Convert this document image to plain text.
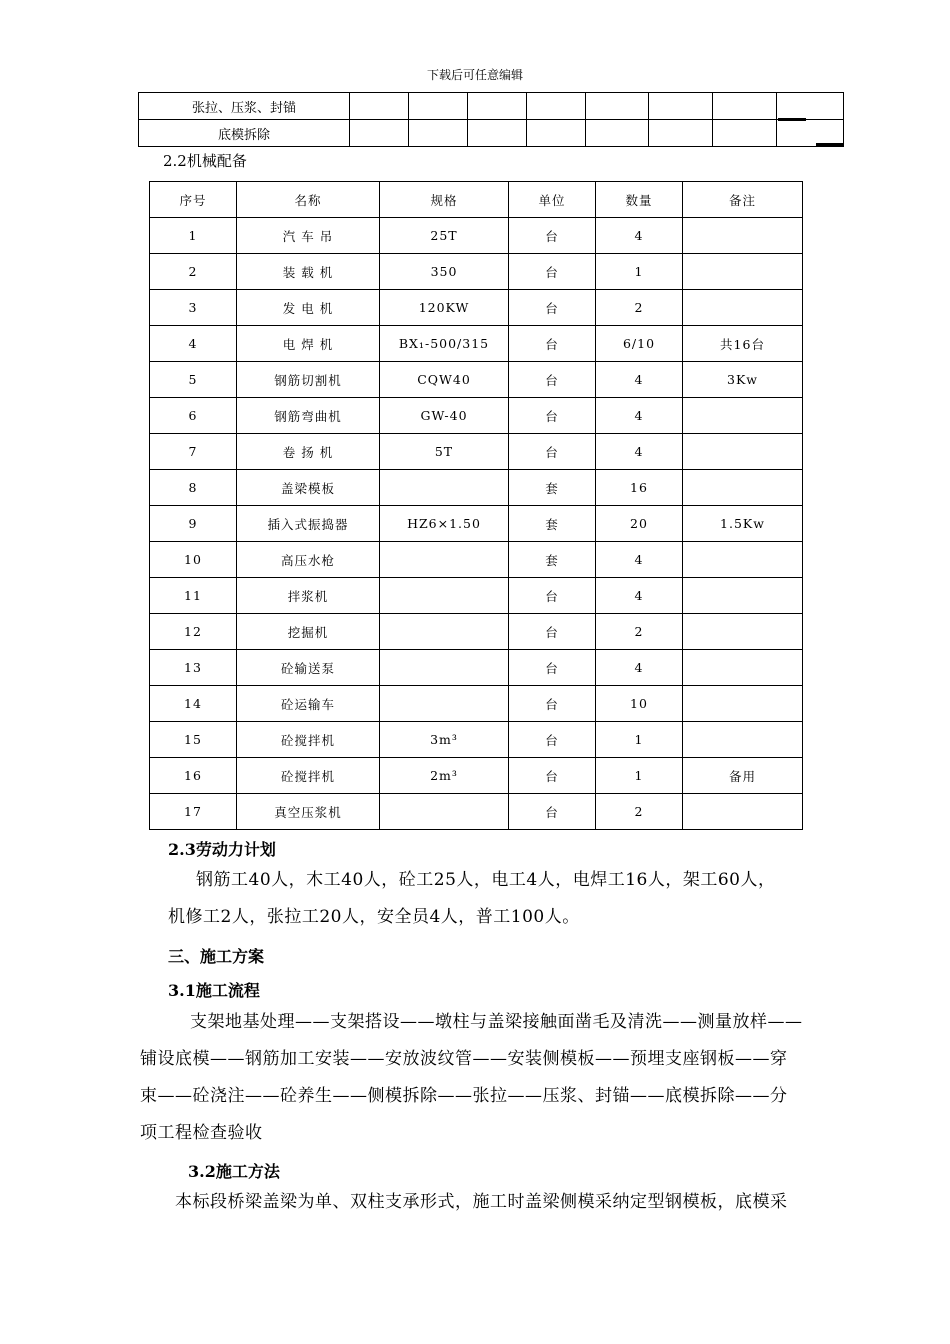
下载后可任意编辑
张拉、压浆、封锚								
底模拆除								
2.2机械配备
序号	名称	规格	单位	数量	备注
1	汽 车 吊	25T	台	4	
2	装 载 机	350	台	1	
3	发 电 机	120KW	台	2	
4	电 焊 机	BX₁-500/315	台	6/10	共16台
5	钢筋切割机	CQW40	台	4	3Kw
6	钢筋弯曲机	GW-40	台	4	
7	卷 扬 机	5T	台	4	
8	盖梁模板		套	16	
9	插入式振捣器	HZ6×1.50	套	20	1.5Kw
10	高压水枪		套	4	
11	拌浆机		台	4	
12	挖掘机		台	2	
13	砼输送泵		台	4	
14	砼运输车		台	10	
15	砼搅拌机	3m³	台	1	
16	砼搅拌机	2m³	台	1	备用
17	真空压浆机		台	2	
2.3劳动力计划
钢筋工40人，木工40人，砼工25人，电工4人，电焊工16人，架工60人，
机修工2人，张拉工20人，安全员4人，普工100人。
三、施工方案
3.1施工流程
支架地基处理——支架搭设——墩柱与盖梁接触面凿毛及清洗——测量放样——
铺设底模——钢筋加工安装——安放波纹管——安装侧模板——预埋支座钢板——穿
束——砼浇注——砼养生——侧模拆除——张拉——压浆、封锚——底模拆除——分
项工程检查验收
3.2施工方法
本标段桥梁盖梁为单、双柱支承形式，施工时盖梁侧模采纳定型钢模板，底模采
